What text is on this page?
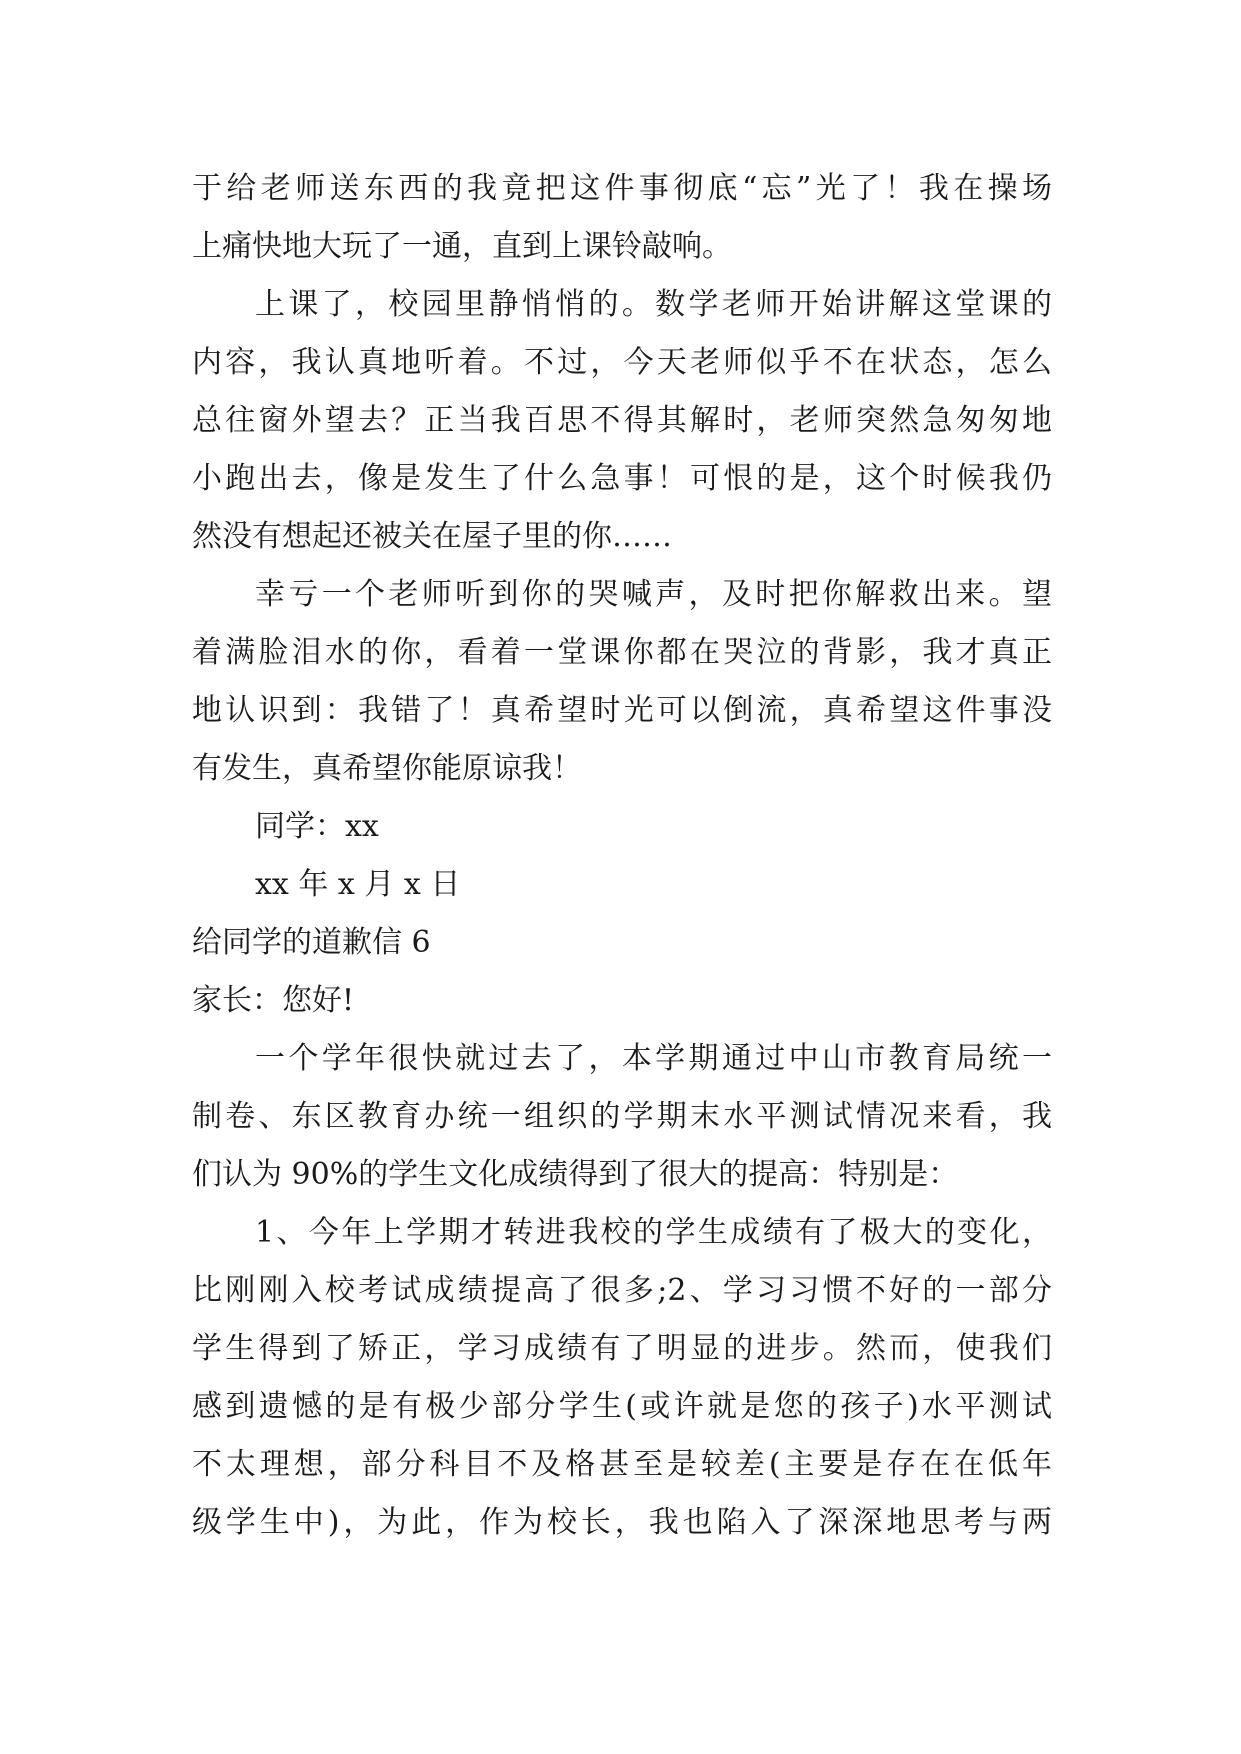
于给老师送东西的我竟把这件事彻底“忘”光了！我在操场
上痛快地大玩了一通，直到上课铃敲响。
上课了，校园里静悄悄的。数学老师开始讲解这堂课的
内容，我认真地听着。不过，今天老师似乎不在状态，怎么
总往窗外望去？正当我百思不得其解时，老师突然急匆匆地
小跑出去，像是发生了什么急事！可恨的是，这个时候我仍
然没有想起还被关在屋子里的你……
幸亏一个老师听到你的哭喊声，及时把你解救出来。望
着满脸泪水的你，看着一堂课你都在哭泣的背影，我才真正
地认识到：我错了！真希望时光可以倒流，真希望这件事没
有发生，真希望你能原谅我！
同学：xx
xx 年 x 月 x 日
给同学的道歉信 6
家长：您好!
一个学年很快就过去了，本学期通过中山市教育局统一
制卷、东区教育办统一组织的学期末水平测试情况来看，我
们认为 90%的学生文化成绩得到了很大的提高：特别是：
1、今年上学期才转进我校的学生成绩有了极大的变化，
比刚刚入校考试成绩提高了很多;2、学习习惯不好的一部分
学生得到了矫正，学习成绩有了明显的进步。然而，使我们
感到遗憾的是有极少部分学生(或许就是您的孩子)水平测试
不太理想，部分科目不及格甚至是较差(主要是存在在低年
级学生中)，为此，作为校长，我也陷入了深深地思考与两
